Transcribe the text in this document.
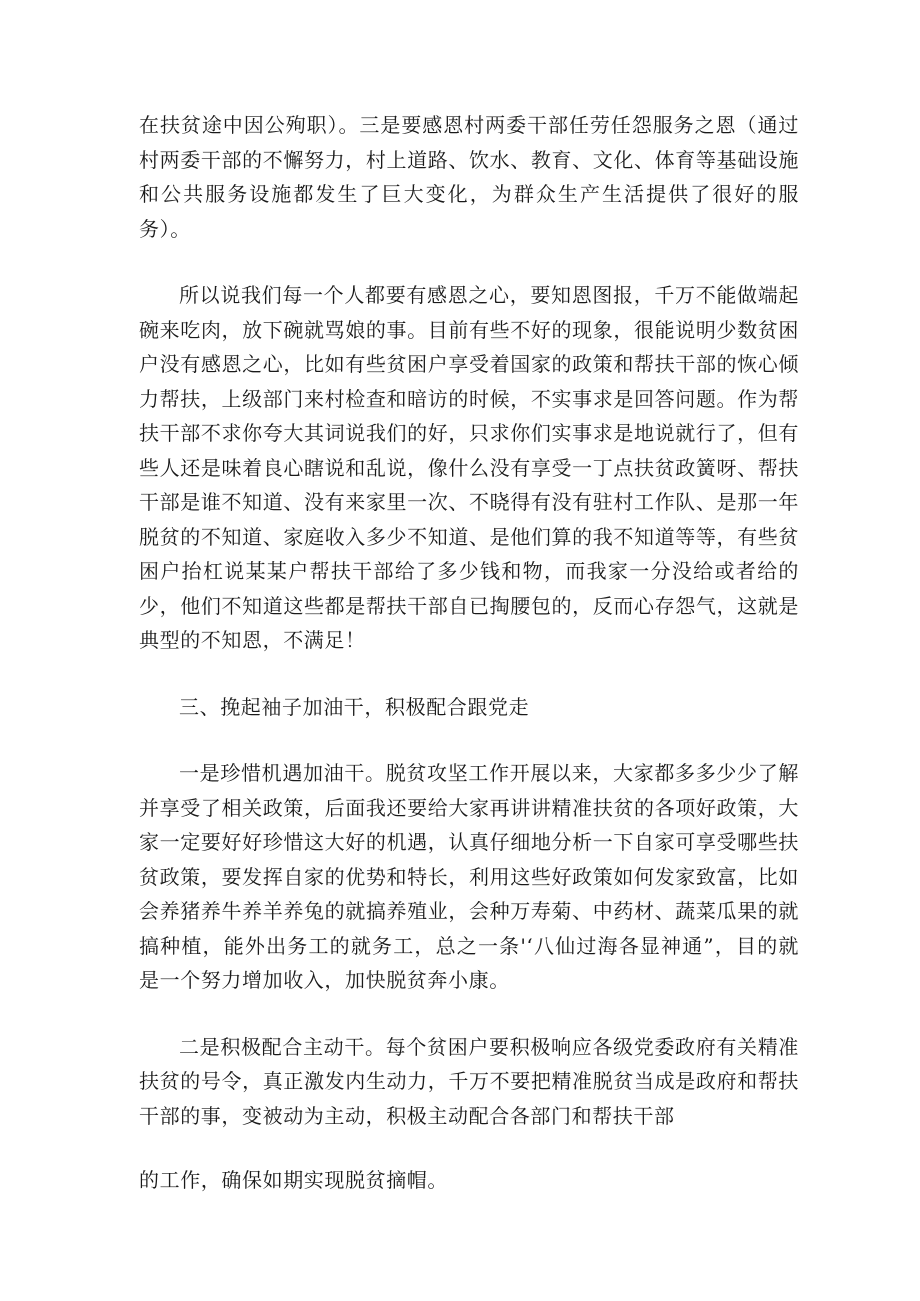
在扶贫途中因公殉职）。三是要感恩村两委干部任劳任怨服务之恩（通过村两委干部的不懈努力，村上道路、饮水、教育、文化、体育等基础设施和公共服务设施都发生了巨大变化，为群众生产生活提供了很好的服务）。

所以说我们每一个人都要有感恩之心，要知恩图报，千万不能做端起碗来吃肉，放下碗就骂娘的事。目前有些不好的现象，很能说明少数贫困户没有感恩之心，比如有些贫困户享受着国家的政策和帮扶干部的恢心倾力帮扶，上级部门来村检查和暗访的时候，不实事求是回答问题。作为帮扶干部不求你夸大其词说我们的好，只求你们实事求是地说就行了，但有些人还是味着良心瞎说和乱说，像什么没有享受一丁点扶贫政簧呀、帮扶干部是谁不知道、没有来家里一次、不晓得有没有驻村工作队、是那一年脱贫的不知道、家庭收入多少不知道、是他们算的我不知道等等，有些贫困户抬杠说某某户帮扶干部给了多少钱和物，而我家一分没给或者给的少，他们不知道这些都是帮扶干部自已掏腰包的，反而心存怨气，这就是典型的不知恩，不满足！

三、挽起袖子加油干，积极配合跟党走

一是珍惜机遇加油干。脱贫攻坚工作开展以来，大家都多多少少了解并享受了相关政策，后面我还要给大家再讲讲精准扶贫的各项好政策，大家一定要好好珍惜这大好的机遇，认真仔细地分析一下自家可享受哪些扶贫政策，要发挥自家的优势和特长，利用这些好政策如何发家致富，比如会养猪养牛养羊养兔的就搞养殖业，会种万寿菊、中药材、蔬菜瓜果的就搞种植，能外出务工的就务工，总之一条'‘八仙过海各显神通”，目的就是一个努力增加收入，加快脱贫奔小康。

二是积极配合主动干。每个贫困户要积极响应各级党委政府有关精准扶贫的号令，真正激发内生动力，千万不要把精准脱贫当成是政府和帮扶干部的事，变被动为主动，积极主动配合各部门和帮扶干部

的工作，确保如期实现脱贫摘帽。
